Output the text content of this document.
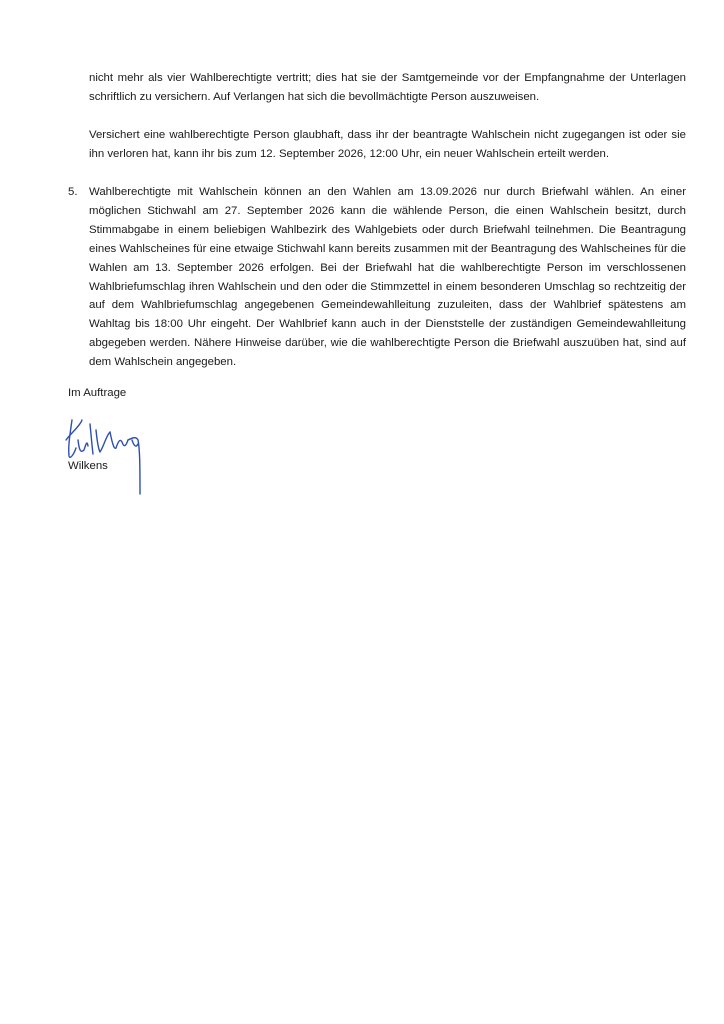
nicht mehr als vier Wahlberechtigte vertritt; dies hat sie der Samtgemeinde vor der Empfangnahme der Unterlagen schriftlich zu versichern. Auf Verlangen hat sich die bevollmächtigte Person auszuweisen.

Versichert eine wahlberechtigte Person glaubhaft, dass ihr der beantragte Wahlschein nicht zugegangen ist oder sie ihn verloren hat, kann ihr bis zum 12. September 2026, 12:00 Uhr, ein neuer Wahlschein erteilt werden.

5.	Wahlberechtigte mit Wahlschein können an den Wahlen am 13.09.2026 nur durch Briefwahl wählen. An einer möglichen Stichwahl am 27. September 2026 kann die wählende Person, die einen Wahlschein besitzt, durch Stimmabgabe in einem beliebigen Wahlbezirk des Wahlgebiets oder durch Briefwahl teilnehmen. Die Beantragung eines Wahlscheines für eine etwaige Stichwahl kann bereits zusammen mit der Beantragung des Wahlscheines für die Wahlen am 13. September 2026 erfolgen. Bei der Briefwahl hat die wahlberechtigte Person im verschlossenen Wahlbriefumschlag ihren Wahlschein und den oder die Stimmzettel in einem besonderen Umschlag so rechtzeitig der auf dem Wahlbriefumschlag angegebenen Gemeindewahlleitung zuzuleiten, dass der Wahlbrief spätestens am Wahltag bis 18:00 Uhr eingeht. Der Wahlbrief kann auch in der Dienststelle der zuständigen Gemeindewahlleitung abgegeben werden. Nähere Hinweise darüber, wie die wahlberechtigte Person die Briefwahl auszuüben hat, sind auf dem Wahlschein angegeben.
Im Auftrage
Wilkens
